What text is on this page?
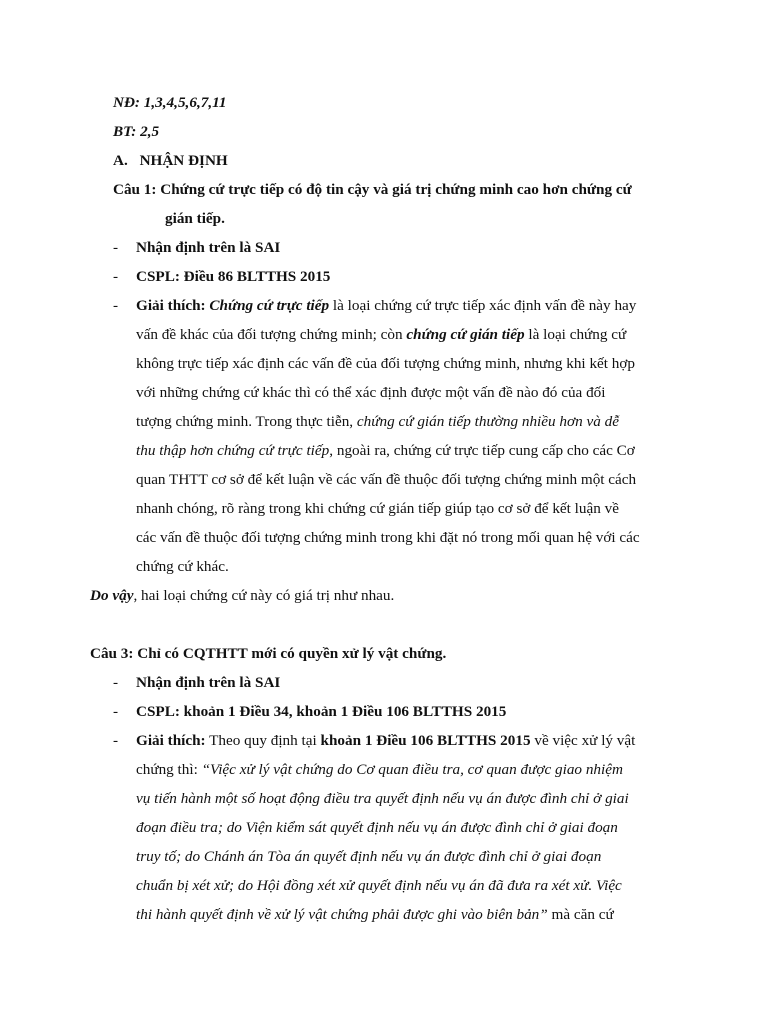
NĐ: 1,3,4,5,6,7,11
BT: 2,5
A. NHẬN ĐỊNH
Câu 1: Chứng cứ trực tiếp có độ tin cậy và giá trị chứng minh cao hơn chứng cứ
gián tiếp.
- Nhận định trên là SAI
- CSPL: Điều 86 BLTTHS 2015
- Giải thích: Chứng cứ trực tiếp là loại chứng cứ trực tiếp xác định vấn đề này hay
vấn đề khác của đối tượng chứng minh; còn chứng cứ gián tiếp là loại chứng cứ
không trực tiếp xác định các vấn đề của đối tượng chứng minh, nhưng khi kết hợp
với những chứng cứ khác thì có thể xác định được một vấn đề nào đó của đối
tượng chứng minh. Trong thực tiễn, chứng cứ gián tiếp thường nhiều hơn và dễ
thu thập hơn chứng cứ trực tiếp, ngoài ra, chứng cứ trực tiếp cung cấp cho các Cơ
quan THTT cơ sở để kết luận về các vấn đề thuộc đối tượng chứng minh một cách
nhanh chóng, rõ ràng trong khi chứng cứ gián tiếp giúp tạo cơ sở để kết luận về
các vấn đề thuộc đối tượng chứng minh trong khi đặt nó trong mối quan hệ với các
chứng cứ khác.
Do vậy, hai loại chứng cứ này có giá trị như nhau.
Câu 3: Chỉ có CQTHTT mới có quyền xử lý vật chứng.
- Nhận định trên là SAI
- CSPL: khoản 1 Điều 34, khoản 1 Điều 106 BLTTHS 2015
- Giải thích: Theo quy định tại khoản 1 Điều 106 BLTTHS 2015 về việc xử lý vật
chứng thì: “Việc xử lý vật chứng do Cơ quan điều tra, cơ quan được giao nhiệm
vụ tiến hành một số hoạt động điều tra quyết định nếu vụ án được đình chỉ ở giai
đoạn điều tra; do Viện kiểm sát quyết định nếu vụ án được đình chỉ ở giai đoạn
truy tố; do Chánh án Tòa án quyết định nếu vụ án được đình chỉ ở giai đoạn
chuẩn bị xét xử; do Hội đồng xét xử quyết định nếu vụ án đã đưa ra xét xử. Việc
thi hành quyết định về xử lý vật chứng phải được ghi vào biên bản” mà căn cứ
